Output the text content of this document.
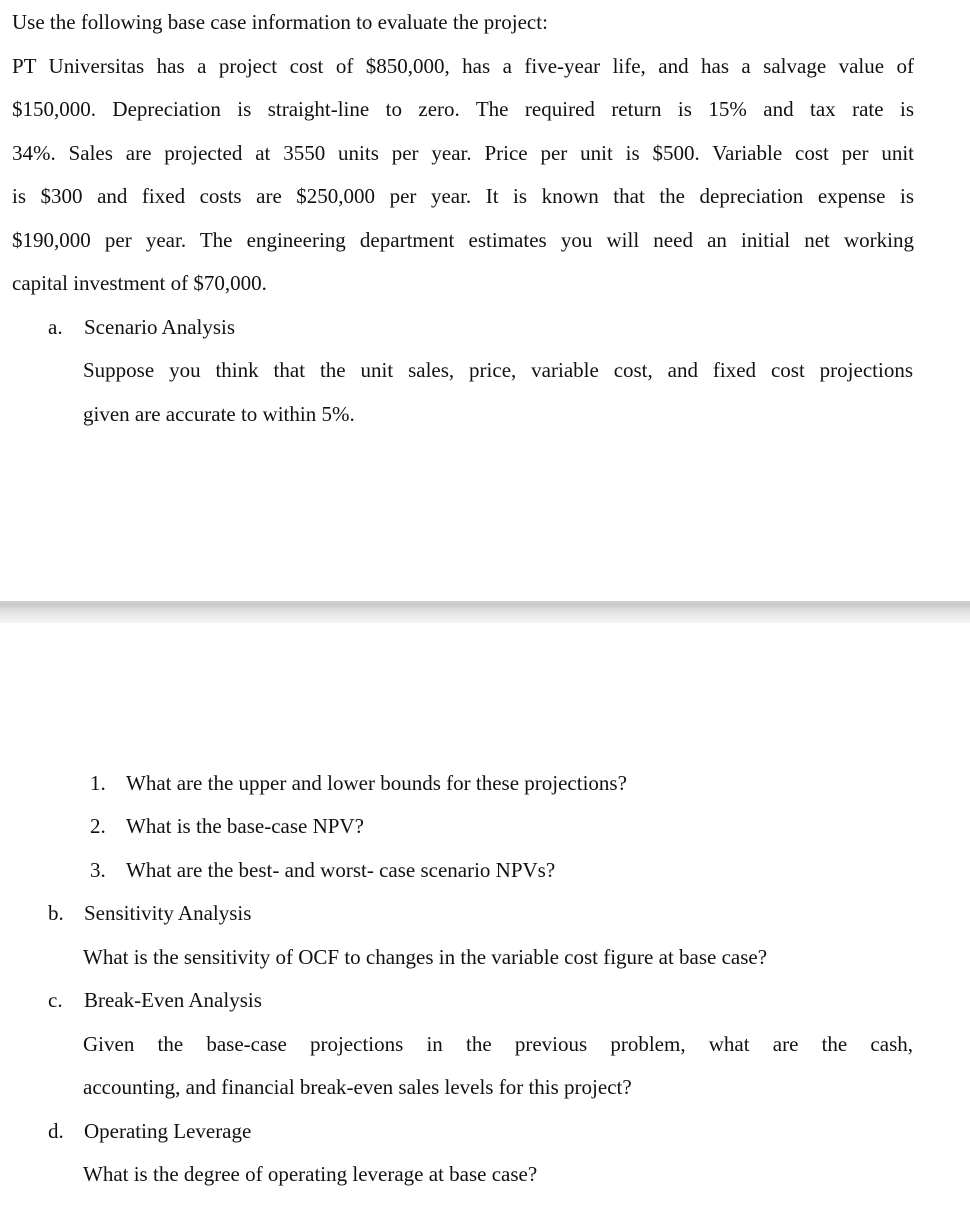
Use the following base case information to evaluate the project:

PT Universitas has a project cost of $850,000, has a five-year life, and has a salvage value of

$150,000. Depreciation is straight-line to zero. The required return is 15% and tax rate is

34%. Sales are projected at 3550 units per year. Price per unit is $500. Variable cost per unit

is $300 and fixed costs are $250,000 per year. It is known that the depreciation expense is

$190,000 per year. The engineering department estimates you will need an initial net working

capital investment of $70,000.

a. Scenario Analysis

Suppose you think that the unit sales, price, variable cost, and fixed cost projections

given are accurate to within 5%.

1. What are the upper and lower bounds for these projections?

2. What is the base-case NPV?

3. What are the best- and worst- case scenario NPVs?

b. Sensitivity Analysis

What is the sensitivity of OCF to changes in the variable cost figure at base case?

c. Break-Even Analysis

Given the base-case projections in the previous problem, what are the cash,

accounting, and financial break-even sales levels for this project?

d. Operating Leverage

What is the degree of operating leverage at base case?
